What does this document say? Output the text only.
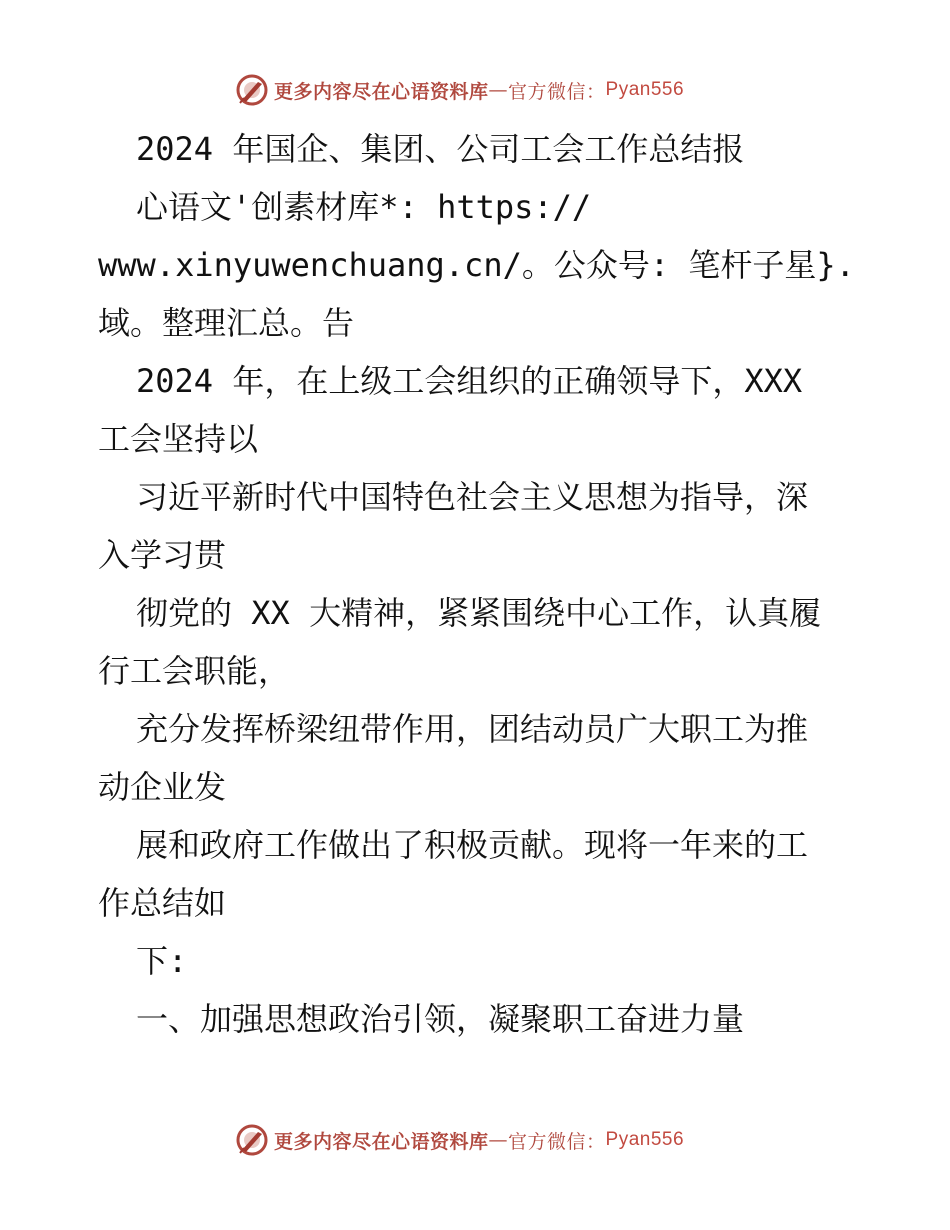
更多内容尽在心语资料库 — 官方微信： Pyan556
2024 年国企、集团、公司工会工作总结报
心语文'创素材库*: https://
www.xinyuwenchuang.cn/。公众号: 笔杆子星}.
域。整理汇总。告
2024 年，在上级工会组织的正确领导下，XXX
工会坚持以
习近平新时代中国特色社会主义思想为指导，深
入学习贯
彻党的 XX 大精神，紧紧围绕中心工作，认真履
行工会职能，
充分发挥桥梁纽带作用，团结动员广大职工为推
动企业发
展和政府工作做出了积极贡献。现将一年来的工
作总结如
下:
一、加强思想政治引领，凝聚职工奋进力量
更多内容尽在心语资料库 — 官方微信： Pyan556
